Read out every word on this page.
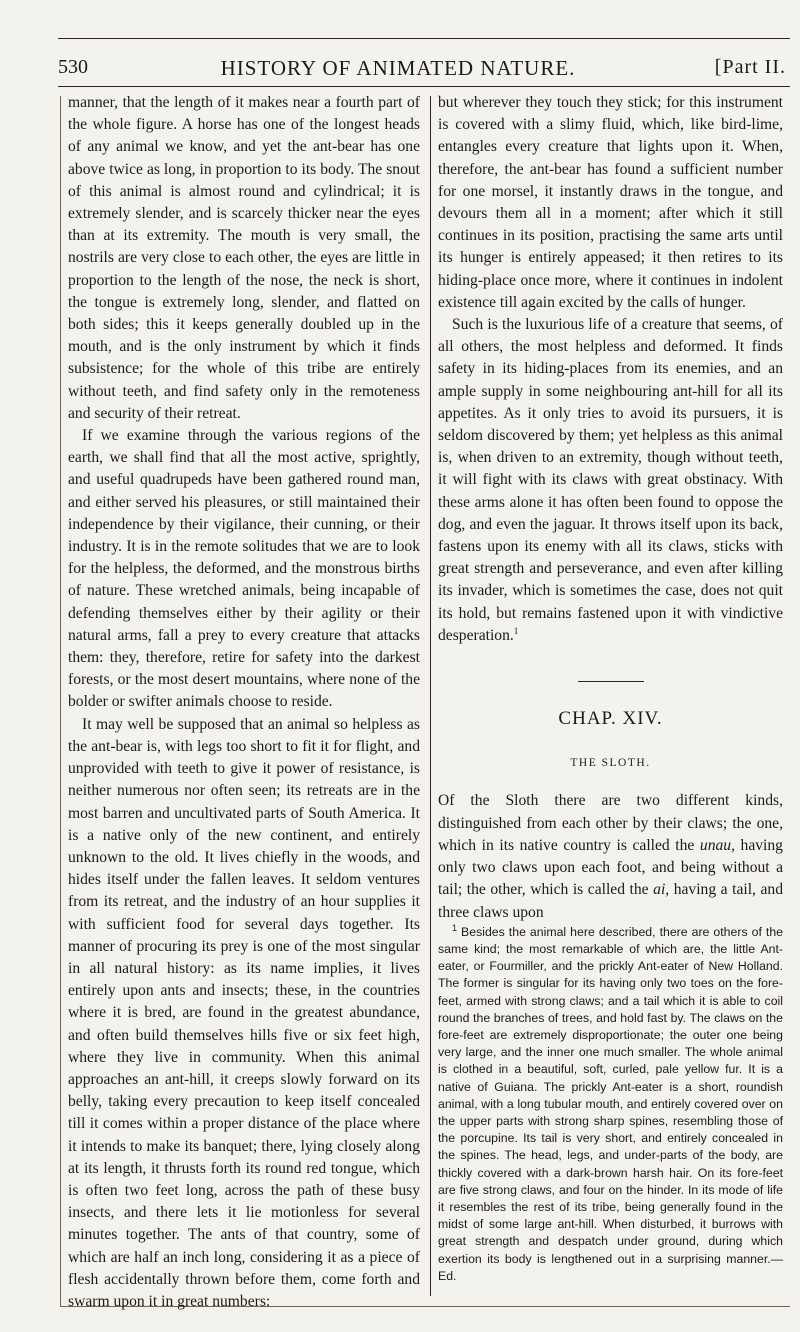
530	HISTORY OF ANIMATED NATURE.	[Part II.

manner, that the length of it makes near a fourth part of the whole figure. A horse has one of the longest heads of any animal we know, and yet the ant-bear has one above twice as long, in proportion to its body. The snout of this animal is almost round and cylindrical; it is extremely slender, and is scarcely thicker near the eyes than at its extremity. The mouth is very small, the nostrils are very close to each other, the eyes are little in proportion to the length of the nose, the neck is short, the tongue is extremely long, slender, and flatted on both sides; this it keeps generally doubled up in the mouth, and is the only instrument by which it finds subsistence; for the whole of this tribe are entirely without teeth, and find safety only in the remoteness and security of their retreat.

If we examine through the various regions of the earth, we shall find that all the most active, sprightly, and useful quadrupeds have been gathered round man, and either served his pleasures, or still maintained their independence by their vigilance, their cunning, or their industry. It is in the remote solitudes that we are to look for the helpless, the deformed, and the monstrous births of nature. These wretched animals, being incapable of defending themselves either by their agility or their natural arms, fall a prey to every creature that attacks them: they, therefore, retire for safety into the darkest forests, or the most desert mountains, where none of the bolder or swifter animals choose to reside.

It may well be supposed that an animal so helpless as the ant-bear is, with legs too short to fit it for flight, and unprovided with teeth to give it power of resistance, is neither numerous nor often seen; its retreats are in the most barren and uncultivated parts of South America. It is a native only of the new continent, and entirely unknown to the old. It lives chiefly in the woods, and hides itself under the fallen leaves. It seldom ventures from its retreat, and the industry of an hour supplies it with sufficient food for several days together. Its manner of procuring its prey is one of the most singular in all natural history: as its name implies, it lives entirely upon ants and insects; these, in the countries where it is bred, are found in the greatest abundance, and often build themselves hills five or six feet high, where they live in community. When this animal approaches an ant-hill, it creeps slowly forward on its belly, taking every precaution to keep itself concealed till it comes within a proper distance of the place where it intends to make its banquet; there, lying closely along at its length, it thrusts forth its round red tongue, which is often two feet long, across the path of these busy insects, and there lets it lie motionless for several minutes together. The ants of that country, some of which are half an inch long, considering it as a piece of flesh accidentally thrown before them, come forth and swarm upon it in great numbers:

but wherever they touch they stick; for this instrument is covered with a slimy fluid, which, like bird-lime, entangles every creature that lights upon it. When, therefore, the ant-bear has found a sufficient number for one morsel, it instantly draws in the tongue, and devours them all in a moment; after which it still continues in its position, practising the same arts until its hunger is entirely appeased; it then retires to its hiding-place once more, where it continues in indolent existence till again excited by the calls of hunger.

Such is the luxurious life of a creature that seems, of all others, the most helpless and deformed. It finds safety in its hiding-places from its enemies, and an ample supply in some neighbouring ant-hill for all its appetites. As it only tries to avoid its pursuers, it is seldom discovered by them; yet helpless as this animal is, when driven to an extremity, though without teeth, it will fight with its claws with great obstinacy. With these arms alone it has often been found to oppose the dog, and even the jaguar. It throws itself upon its back, fastens upon its enemy with all its claws, sticks with great strength and perseverance, and even after killing its invader, which is sometimes the case, does not quit its hold, but remains fastened upon it with vindictive desperation.$^1$

CHAP. XIV.
THE SLOTH.

Of the Sloth there are two different kinds, distinguished from each other by their claws; the one, which in its native country is called the unau, having only two claws upon each foot, and being without a tail; the other, which is called the ai, having a tail, and three claws upon

$^1$ Besides the animal here described, there are others of the same kind; the most remarkable of which are, the little Ant-eater, or Fourmiller, and the prickly Ant-eater of New Holland. The former is singular for its having only two toes on the fore-feet, armed with strong claws; and a tail which it is able to coil round the branches of trees, and hold fast by. The claws on the fore-feet are extremely disproportionate; the outer one being very large, and the inner one much smaller. The whole animal is clothed in a beautiful, soft, curled, pale yellow fur. It is a native of Guiana. The prickly Ant-eater is a short, roundish animal, with a long tubular mouth, and entirely covered over on the upper parts with strong sharp spines, resembling those of the porcupine. Its tail is very short, and entirely concealed in the spines. The head, legs, and under-parts of the body, are thickly covered with a dark-brown harsh hair. On its fore-feet are five strong claws, and four on the hinder. In its mode of life it resembles the rest of its tribe, being generally found in the midst of some large ant-hill. When disturbed, it burrows with great strength and despatch under ground, during which exertion its body is lengthened out in a surprising manner.—Ed.
